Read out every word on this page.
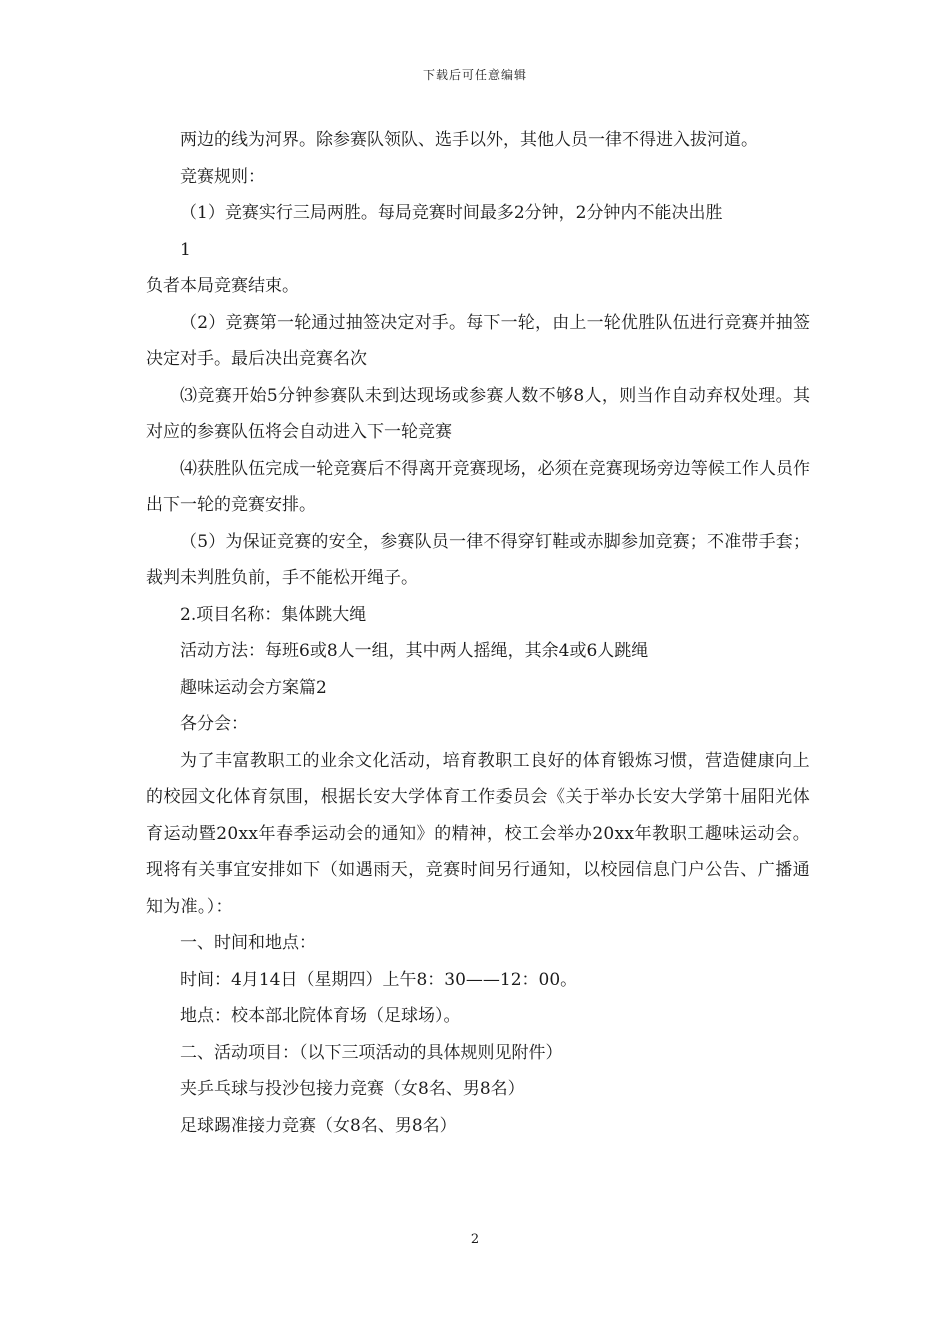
下载后可任意编辑

两边的线为河界。除参赛队领队、选手以外，其他人员一律不得进入拔河道。

竞赛规则：

（1）竞赛实行三局两胜。每局竞赛时间最多2分钟，2分钟内不能决出胜

1

负者本局竞赛结束。

（2）竞赛第一轮通过抽签决定对手。每下一轮，由上一轮优胜队伍进行竞赛并抽签决定对手。最后决出竞赛名次

⑶竞赛开始5分钟参赛队未到达现场或参赛人数不够8人，则当作自动弃权处理。其对应的参赛队伍将会自动进入下一轮竞赛

⑷获胜队伍完成一轮竞赛后不得离开竞赛现场，必须在竞赛现场旁边等候工作人员作出下一轮的竞赛安排。

（5）为保证竞赛的安全，参赛队员一律不得穿钉鞋或赤脚参加竞赛；不准带手套；裁判未判胜负前，手不能松开绳子。

2.项目名称：集体跳大绳

活动方法：每班6或8人一组，其中两人摇绳，其余4或6人跳绳

趣味运动会方案篇2

各分会：

为了丰富教职工的业余文化活动，培育教职工良好的体育锻炼习惯，营造健康向上的校园文化体育氛围，根据长安大学体育工作委员会《关于举办长安大学第十届阳光体育运动暨20xx年春季运动会的通知》的精神，校工会举办20xx年教职工趣味运动会。现将有关事宜安排如下（如遇雨天，竞赛时间另行通知，以校园信息门户公告、广播通知为准。）：

一、时间和地点：

时间：4月14日（星期四）上午8：30——12：00。

地点：校本部北院体育场（足球场）。

二、活动项目：（以下三项活动的具体规则见附件）

夹乒乓球与投沙包接力竞赛（女8名、男8名）

足球踢准接力竞赛（女8名、男8名）

2
